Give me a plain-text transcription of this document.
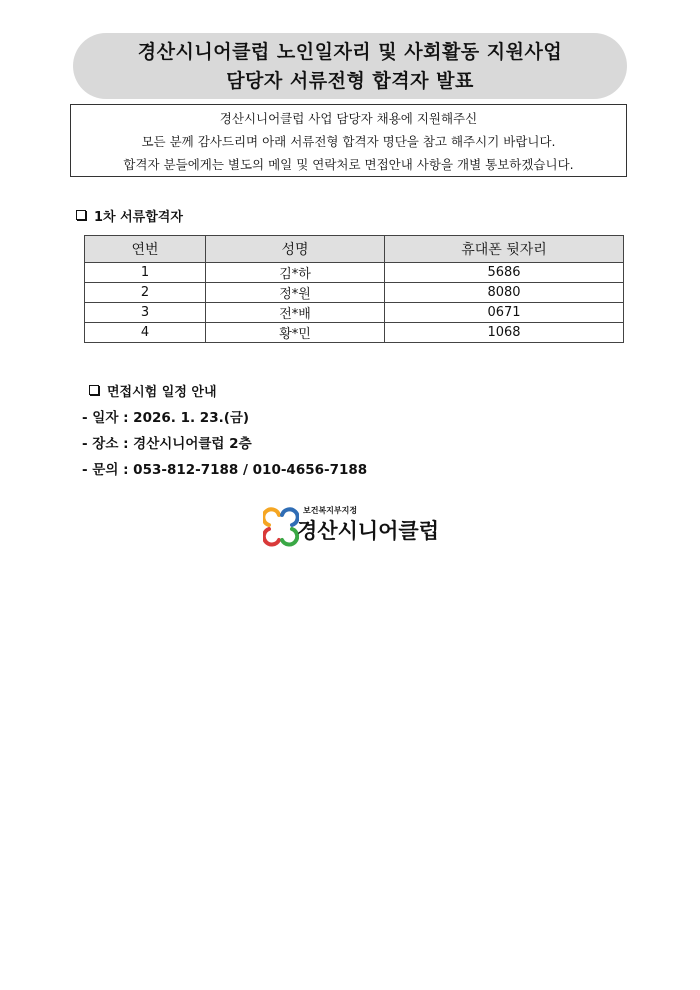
경산시니어클럽 노인일자리 및 사회활동 지원사업
담당자 서류전형 합격자 발표
경산시니어클럽 사업 담당자 채용에 지원해주신
모든 분께 감사드리며 아래 서류전형 합격자 명단을 참고 해주시기 바랍니다.
합격자 분들에게는 별도의 메일 및 연락처로 면접안내 사항을 개별 통보하겠습니다.
1차 서류합격자
연번	성명	휴대폰 뒷자리
1	김*하	5686
2	정*원	8080
3	전*배	0671
4	황*민	1068
면접시험 일정 안내
- 일자 : 2026. 1. 23.(금)
- 장소 : 경산시니어클럽 2층
- 문의 : 053-812-7188 / 010-4656-7188
보건복지부지정
경산시니어클럽
